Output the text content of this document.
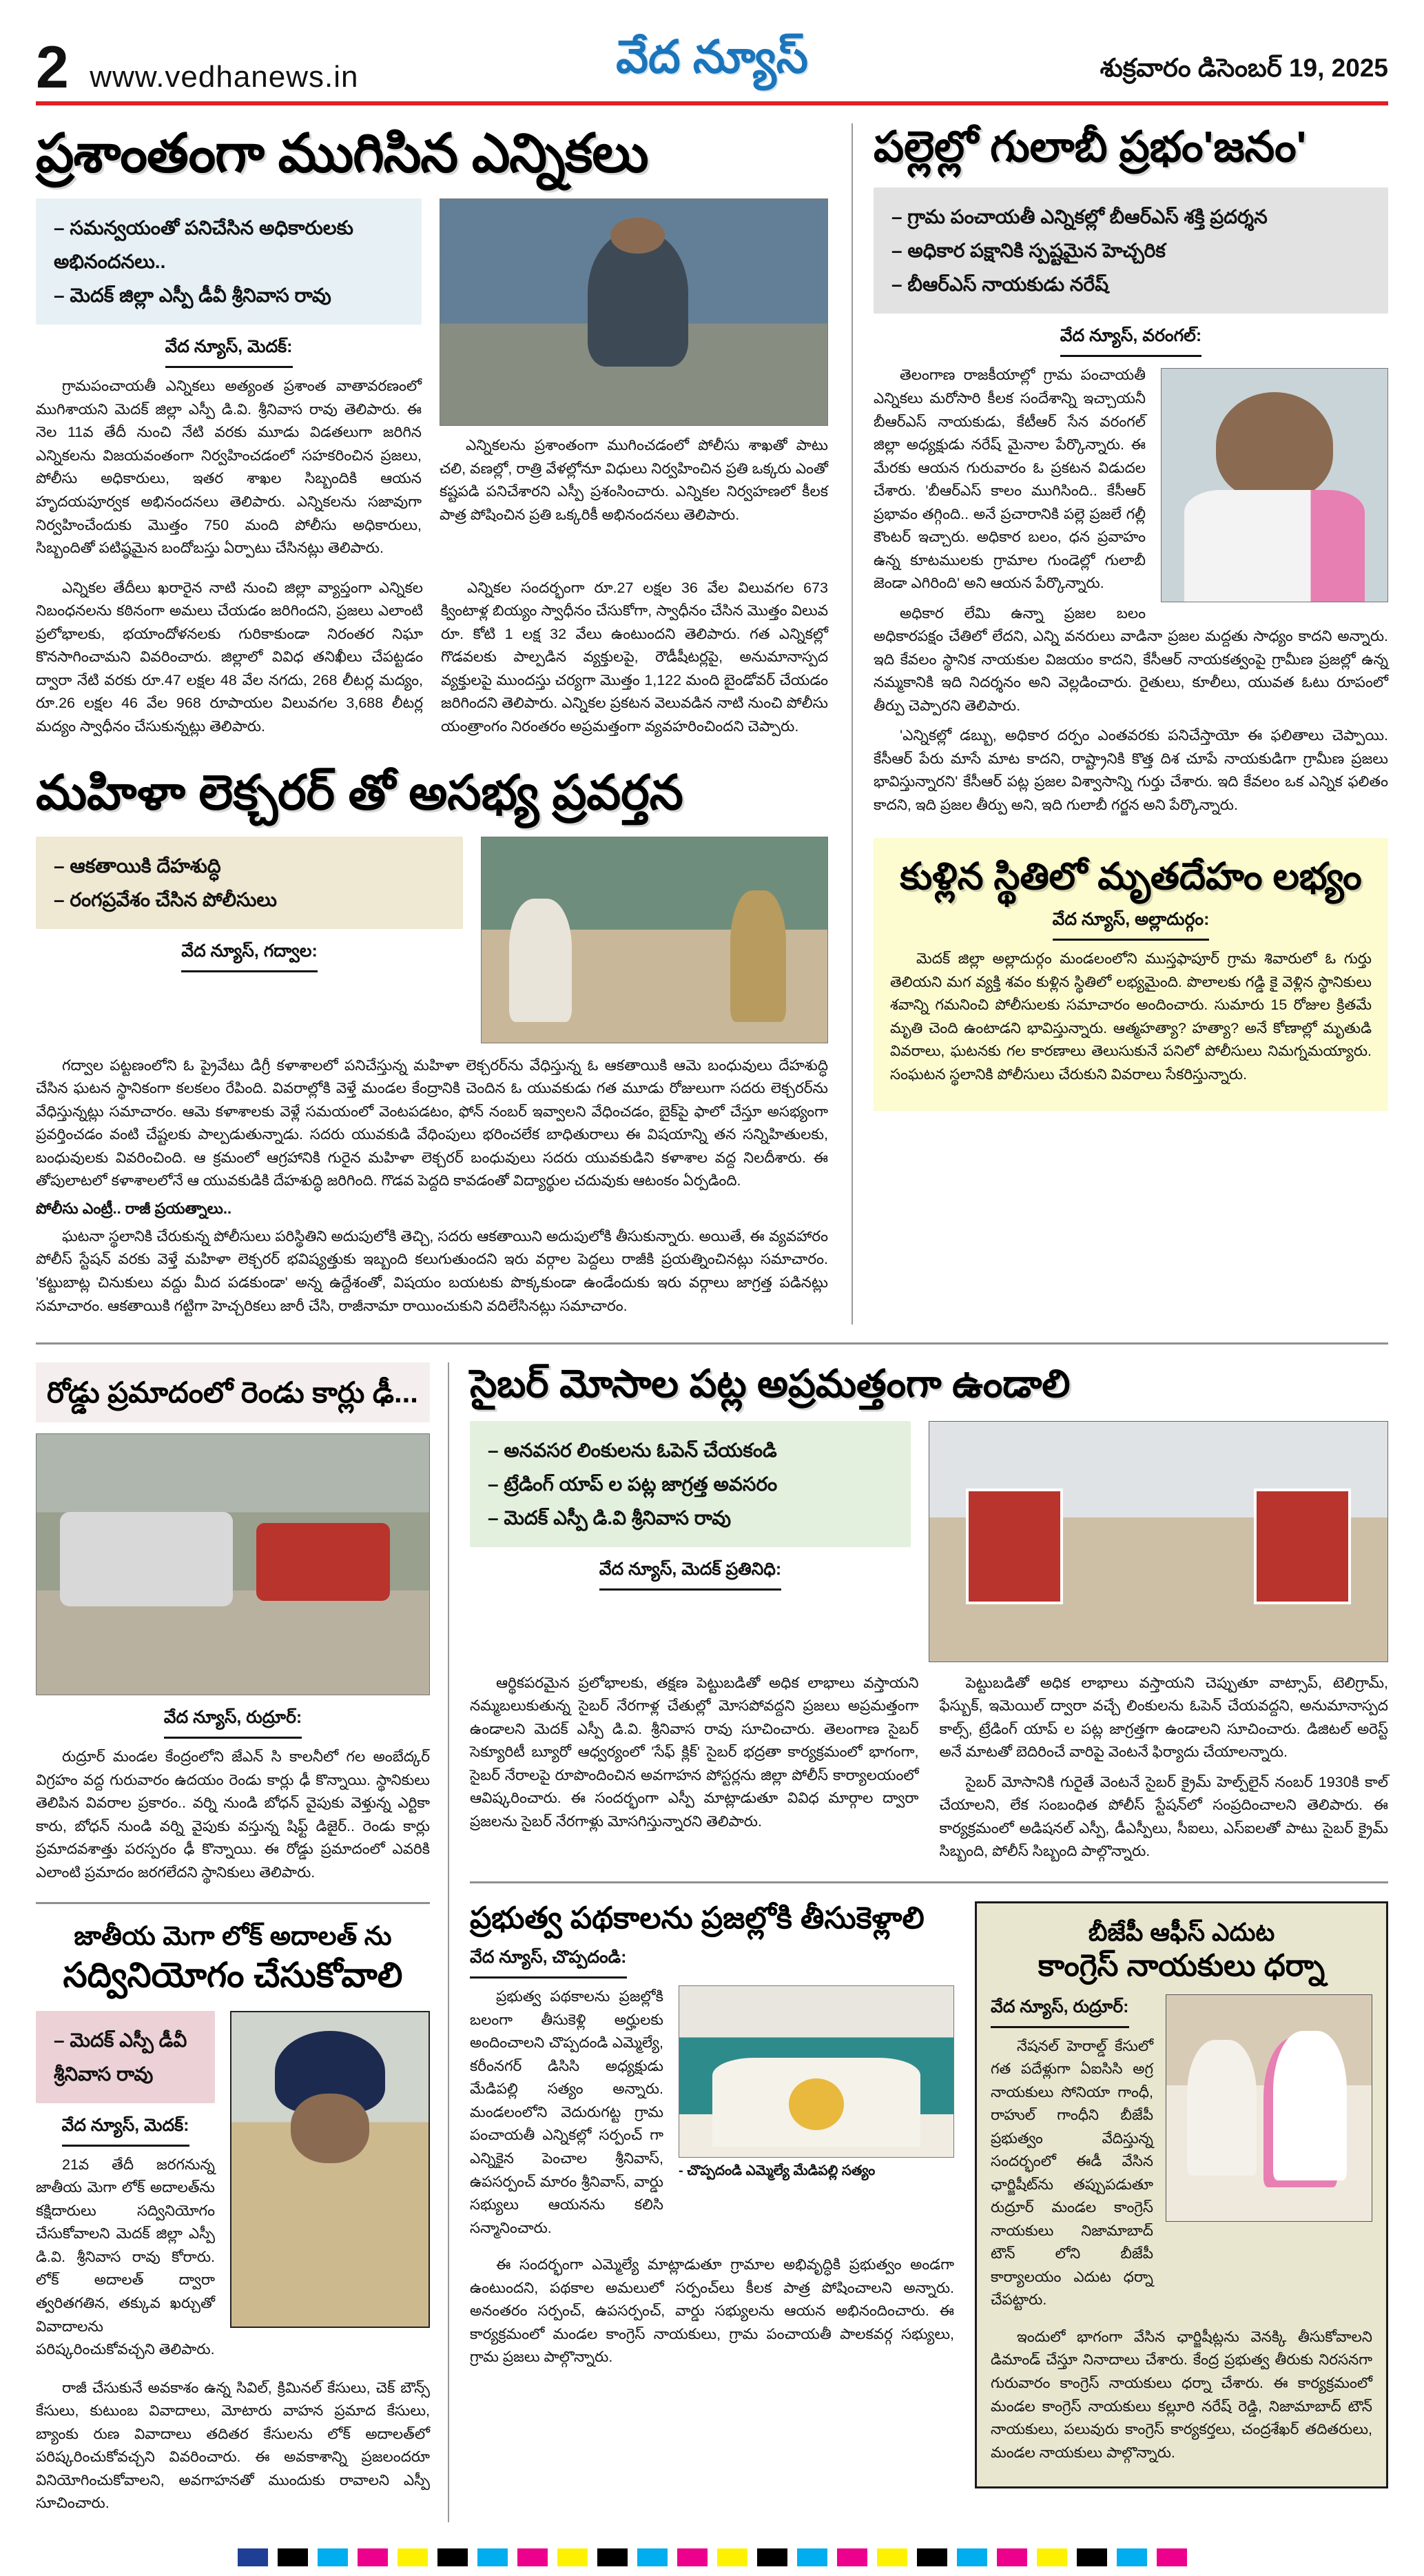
2 www.vedhanews.in	వేద న్యూస్	శుక్రవారం డిసెంబర్ 19, 2025
ప్రశాంతంగా ముగిసిన ఎన్నికలు
– సమన్వయంతో పనిచేసిన అధికారులకు అభినందనలు..
– మెదక్ జిల్లా ఎస్పీ డీవీ శ్రీనివాస రావు
వేద న్యూస్, మెదక్:

గ్రామపంచాయతీ ఎన్నికలు అత్యంత ప్రశాంత వాతావరణంలో ముగిశాయని మెదక్ జిల్లా ఎస్పీ డి.వి. శ్రీనివాస రావు తెలిపారు. ఈ నెల 11వ తేదీ నుంచి నేటి వరకు మూడు విడతలుగా జరిగిన ఎన్నికలను విజయవంతంగా నిర్వహించడంలో సహకరించిన ప్రజలు, పోలీసు అధికారులు, ఇతర శాఖల సిబ్బందికి ఆయన హృదయపూర్వక అభినందనలు తెలిపారు. ఎన్నికలను సజావుగా నిర్వహించేందుకు మొత్తం 750 మంది పోలీసు అధికారులు, సిబ్బందితో పటిష్ఠమైన బందోబస్తు ఏర్పాటు చేసినట్లు తెలిపారు.

ఎన్నికలను ప్రశాంతంగా ముగించడంలో పోలీసు శాఖతో పాటు చలి, వణల్లో, రాత్రి వేళల్లోనూ విధులు నిర్వహించిన ప్రతి ఒక్కరు ఎంతో కష్టపడి పనిచేశారని ఎస్పీ ప్రశంసించారు. ఎన్నికల నిర్వహణలో కీలక పాత్ర పోషించిన ప్రతి ఒక్కరికీ అభినందనలు తెలిపారు.

ఎన్నికల తేదీలు ఖరారైన నాటి నుంచి జిల్లా వ్యాప్తంగా ఎన్నికల నిబంధనలను కఠినంగా అమలు చేయడం జరిగిందని, ప్రజలు ఎలాంటి ప్రలోభాలకు, భయాందోళనలకు గురికాకుండా నిరంతర నిఘా కొనసాగించామని వివరించారు. జిల్లాలో వివిధ తనిఖీలు చేపట్టడం ద్వారా నేటి వరకు రూ.47 లక్షల 48 వేల నగదు, 268 లీటర్ల మద్యం, రూ.26 లక్షల 46 వేల 968 రూపాయల విలువగల 3,688 లీటర్ల మద్యం స్వాధీనం చేసుకున్నట్లు తెలిపారు.

ఎన్నికల సందర్భంగా రూ.27 లక్షల 36 వేల విలువగల 673 క్వింటాళ్ల బియ్యం స్వాధీనం చేసుకోగా, స్వాధీనం చేసిన మొత్తం విలువ రూ. కోటి 1 లక్ష 32 వేలు ఉంటుందని తెలిపారు. గత ఎన్నికల్లో గొడవలకు పాల్పడిన వ్యక్తులపై, రౌడీషీటర్లపై, అనుమానాస్పద వ్యక్తులపై ముందస్తు చర్యగా మొత్తం 1,122 మంది బైండోవర్ చేయడం జరిగిందని తెలిపారు. ఎన్నికల ప్రకటన వెలువడిన నాటి నుంచి పోలీసు యంత్రాంగం నిరంతరం అప్రమత్తంగా వ్యవహరించిందని చెప్పారు.

మహిళా లెక్చరర్ తో అసభ్య ప్రవర్తన
– ఆకతాయికి దేహశుద్ధి
– రంగప్రవేశం చేసిన పోలీసులు
వేద న్యూస్, గద్వాల:

గద్వాల పట్టణంలోని ఓ ప్రైవేటు డిగ్రీ కళాశాలలో పనిచేస్తున్న మహిళా లెక్చరర్‌ను వేధిస్తున్న ఓ ఆకతాయికి ఆమె బంధువులు దేహశుద్ధి చేసిన ఘటన స్థానికంగా కలకలం రేపింది. వివరాల్లోకి వెళ్తే మండల కేంద్రానికి చెందిన ఓ యువకుడు గత మూడు రోజులుగా సదరు లెక్చరర్‌ను వేధిస్తున్నట్లు సమాచారం. ఆమె కళాశాలకు వెళ్లే సమయంలో వెంటపడటం, ఫోన్ నంబర్ ఇవ్వాలని వేధించడం, బైక్‌పై ఫాలో చేస్తూ అసభ్యంగా ప్రవర్తించడం వంటి చేష్టలకు పాల్పడుతున్నాడు. సదరు యువకుడి వేధింపులు భరించలేక బాధితురాలు ఈ విషయాన్ని తన సన్నిహితులకు, బంధువులకు వివరించింది. ఆ క్రమంలో ఆగ్రహానికి గురైన మహిళా లెక్చరర్ బంధువులు సదరు యువకుడిని కళాశాల వద్ద నిలదీశారు. ఈ తోపులాటలో కళాశాలలోనే ఆ యువకుడికి దేహశుద్ధి జరిగింది. గొడవ పెద్దది కావడంతో విద్యార్థుల చదువుకు ఆటంకం ఏర్పడింది.

పోలీసు ఎంట్రీ.. రాజీ ప్రయత్నాలు..

ఘటనా స్థలానికి చేరుకున్న పోలీసులు పరిస్థితిని అదుపులోకి తెచ్చి, సదరు ఆకతాయిని అదుపులోకి తీసుకున్నారు. అయితే, ఈ వ్యవహారం పోలీస్ స్టేషన్ వరకు వెళ్తే మహిళా లెక్చరర్ భవిష్యత్తుకు ఇబ్బంది కలుగుతుందని ఇరు వర్గాల పెద్దలు రాజీకి ప్రయత్నించినట్లు సమాచారం. 'కట్టుబాట్ల చినుకులు వద్దు మీద పడకుండా' అన్న ఉద్దేశంతో, విషయం బయటకు పొక్కకుండా ఉండేందుకు ఇరు వర్గాలు జాగ్రత్త పడినట్లు సమాచారం. ఆకతాయికి గట్టిగా హెచ్చరికలు జారీ చేసి, రాజీనామా రాయించుకుని వదిలేసినట్లు సమాచారం.

పల్లెల్లో గులాబీ ప్రభం'జనం'
– గ్రామ పంచాయతీ ఎన్నికల్లో బీఆర్ఎస్ శక్తి ప్రదర్శన
– అధికార పక్షానికి స్పష్టమైన హెచ్చరిక
– బీఆర్ఎస్ నాయకుడు నరేష్
వేద న్యూస్, వరంగల్:

తెలంగాణ రాజకీయాల్లో గ్రామ పంచాయతీ ఎన్నికలు మరోసారి కీలక సందేశాన్ని ఇచ్చాయనీ బీఆర్ఎస్ నాయకుడు, కేటీఆర్ సేన వరంగల్ జిల్లా అధ్యక్షుడు నరేష్ మైనాల పేర్కొన్నారు. ఈ మేరకు ఆయన గురువారం ఓ ప్రకటన విడుదల చేశారు. 'బీఆర్ఎస్ కాలం ముగిసింది.. కేసీఆర్ ప్రభావం తగ్గింది.. అనే ప్రచారానికి పల్లె ప్రజలే గల్లీ కౌంటర్ ఇచ్చారు. అధికార బలం, ధన ప్రవాహం ఉన్న కూటములకు గ్రామాల గుండెల్లో గులాబీ జెండా ఎగిరింది' అని ఆయన పేర్కొన్నారు.

అధికార లేమి ఉన్నా ప్రజల బలం అధికారపక్షం చేతిలో లేదని, ఎన్ని వనరులు వాడినా ప్రజల మద్దతు సాధ్యం కాదని అన్నారు. ఇది కేవలం స్థానిక నాయకుల విజయం కాదని, కేసీఆర్ నాయకత్వంపై గ్రామీణ ప్రజల్లో ఉన్న నమ్మకానికి ఇది నిదర్శనం అని వెల్లడించారు. రైతులు, కూలీలు, యువత ఓటు రూపంలో తీర్పు చెప్పారని తెలిపారు.

'ఎన్నికల్లో డబ్బు, అధికార దర్పం ఎంతవరకు పనిచేస్తాయో ఈ ఫలితాలు చెప్పాయి. కేసీఆర్ పేరు మాసే మాట కాదని, రాష్ట్రానికి కొత్త దిశ చూపే నాయకుడిగా గ్రామీణ ప్రజలు భావిస్తున్నారని' కేసీఆర్ పట్ల ప్రజల విశ్వాసాన్ని గుర్తు చేశారు. ఇది కేవలం ఒక ఎన్నిక ఫలితం కాదని, ఇది ప్రజల తీర్పు అని, ఇది గులాబీ గర్జన అని పేర్కొన్నారు.

కుళ్లిన స్థితిలో మృతదేహం లభ్యం
వేద న్యూస్, అల్లాదుర్గం:

మెదక్ జిల్లా అల్లాదుర్గం మండలంలోని ముస్తఫాపూర్ గ్రామ శివారులో ఓ గుర్తు తెలియని మగ వ్యక్తి శవం కుళ్లిన స్థితిలో లభ్యమైంది. పొలాలకు గడ్డి కై వెళ్లిన స్థానికులు శవాన్ని గమనించి పోలీసులకు సమాచారం అందించారు. సుమారు 15 రోజుల క్రితమే మృతి చెంది ఉంటాడని భావిస్తున్నారు. ఆత్మహత్యా? హత్యా? అనే కోణాల్లో మృతుడి వివరాలు, ఘటనకు గల కారణాలు తెలుసుకునే పనిలో పోలీసులు నిమగ్నమయ్యారు. సంఘటన స్థలానికి పోలీసులు చేరుకుని వివరాలు సేకరిస్తున్నారు.

రోడ్డు ప్రమాదంలో రెండు కార్లు ఢీ...
వేద న్యూస్, రుద్రూర్:

రుద్రూర్ మండల కేంద్రంలోని జేఎన్ సి కాలనీలో గల అంబేద్కర్ విగ్రహం వద్ద గురువారం ఉదయం రెండు కార్లు ఢీ కొన్నాయి. స్థానికులు తెలిపిన వివరాల ప్రకారం.. వర్ని నుండి బోధన్ వైపుకు వెళ్తున్న ఎర్టికా కారు, బోధన్ నుండి వర్ని వైపుకు వస్తున్న షిఫ్ట్ డిజైర్.. రెండు కార్లు ప్రమాదవశాత్తు పరస్పరం ఢీ కొన్నాయి. ఈ రోడ్డు ప్రమాదంలో ఎవరికి ఎలాంటి ప్రమాదం జరగలేదని స్థానికులు తెలిపారు.

జాతీయ మెగా లోక్ అదాలత్ ను
సద్వినియోగం చేసుకోవాలి
– మెదక్ ఎస్పీ డీవీ శ్రీనివాస రావు
వేద న్యూస్, మెదక్:

21వ తేదీ జరగనున్న జాతీయ మెగా లోక్ అదాలత్‌ను కక్షిదారులు సద్వినియోగం చేసుకోవాలని మెదక్ జిల్లా ఎస్పీ డి.వి. శ్రీనివాస రావు కోరారు. లోక్ అదాలత్ ద్వారా త్వరితగతిన, తక్కువ ఖర్చుతో వివాదాలను పరిష్కరించుకోవచ్చని తెలిపారు.

రాజీ చేసుకునే అవకాశం ఉన్న సివిల్, క్రిమినల్ కేసులు, చెక్ బౌన్స్ కేసులు, కుటుంబ వివాదాలు, మోటారు వాహన ప్రమాద కేసులు, బ్యాంకు రుణ వివాదాలు తదితర కేసులను లోక్ అదాలత్‌లో పరిష్కరించుకోవచ్చని వివరించారు. ఈ అవకాశాన్ని ప్రజలంద‌రూ వినియోగించుకోవాలని, అవగాహనతో ముందుకు రావాలని ఎస్పీ సూచించారు.

సైబర్ మోసాల పట్ల అప్రమత్తంగా ఉండాలి
– అనవసర లింకులను ఓపెన్ చేయకండి
– ట్రేడింగ్ యాప్ ల పట్ల జాగ్రత్త అవసరం
– మెదక్ ఎస్పీ డి.వి శ్రీనివాస రావు
వేద న్యూస్, మెదక్ ప్రతినిధి:

ఆర్థికపరమైన ప్రలోభాలకు, తక్షణ పెట్టుబడితో అధిక లాభాలు వస్తాయని నమ్మబలుకుతున్న సైబర్ నేరగాళ్ల చేతుల్లో మోసపోవద్దని ప్రజలు అప్రమత్తంగా ఉండాలని మెదక్ ఎస్పీ డి.వి. శ్రీనివాస రావు సూచించారు. తెలంగాణ సైబర్ సెక్యూరిటీ బ్యూరో ఆధ్వర్యంలో 'సేఫ్ క్లిక్' సైబర్ భద్రతా కార్యక్రమంలో భాగంగా, సైబర్ నేరాలపై రూపొందించిన అవగాహన పోస్టర్లను జిల్లా పోలీస్ కార్యాలయంలో ఆవిష్కరించారు. ఈ సందర్భంగా ఎస్పీ మాట్లాడుతూ వివిధ మార్గాల ద్వారా ప్రజలను సైబర్ నేరగాళ్లు మోసగిస్తున్నారని తెలిపారు.

పెట్టుబడితో అధిక లాభాలు వస్తాయని చెప్పుతూ వాట్సాప్, టెలిగ్రామ్, ఫేస్బుక్, ఇమెయిల్ ద్వారా వచ్చే లింకులను ఓపెన్ చేయవద్దని, అనుమానాస్పద కాల్స్, ట్రేడింగ్ యాప్ ల పట్ల జాగ్రత్తగా ఉండాలని సూచించారు. డిజిటల్ అరెస్ట్ అనే మాటతో బెదిరించే వారిపై వెంటనే ఫిర్యాదు చేయాలన్నారు.

సైబర్ మోసానికి గురైతే వెంటనే సైబర్ క్రైమ్ హెల్ప్‌లైన్ నంబర్ 1930కి కాల్ చేయాలని, లేక సంబంధిత పోలీస్ స్టేషన్‌లో సంప్రదించాలని తెలిపారు. ఈ కార్యక్రమంలో అడిషనల్ ఎస్పీ, డీఎస్పీలు, సీఐలు, ఎస్ఐలతో పాటు సైబర్ క్రైమ్ సిబ్బంది, పోలీస్ సిబ్బంది పాల్గొన్నారు.

ప్రభుత్వ పథకాలను ప్రజల్లోకి తీసుకెళ్లాలి
వేద న్యూస్, చొప్పదండి:

ప్రభుత్వ పథకాలను ప్రజల్లోకి బలంగా తీసుకెళ్లి అర్హులకు అందించాలని చొప్పదండి ఎమ్మెల్యే, కరీంనగర్ డిసిసి అధ్యక్షుడు మేడిపల్లి సత్యం అన్నారు. మండలంలోని వెదురుగట్ట గ్రామ పంచాయతీ ఎన్నికల్లో సర్పంచ్ గా ఎన్నికైన పెంచాల శ్రీనివాస్, ఉపసర్పంచ్ మారం శ్రీనివాస్, వార్డు సభ్యులు ఆయనను కలిసి సన్మానించారు.

- చొప్పదండి ఎమ్మెల్యే మేడిపల్లి సత్యం

ఈ సందర్భంగా ఎమ్మెల్యే మాట్లాడుతూ గ్రామాల అభివృద్ధికి ప్రభుత్వం అండగా ఉంటుందని, పథకాల అమలులో సర్పంచ్‌లు కీలక పాత్ర పోషించాలని అన్నారు. అనంతరం సర్పంచ్, ఉపసర్పంచ్, వార్డు సభ్యులను ఆయన అభినందించారు. ఈ కార్యక్రమంలో మండల కాంగ్రెస్ నాయకులు, గ్రామ పంచాయతీ పాలకవర్గ సభ్యులు, గ్రామ ప్రజలు పాల్గొన్నారు.

బీజేపీ ఆఫీస్ ఎదుట
కాంగ్రెస్ నాయకులు ధర్నా
వేద న్యూస్, రుద్రూర్:

నేషనల్ హెరాల్డ్ కేసులో గత పదేళ్లుగా ఏఐసిసి అగ్ర నాయకులు సోనియా గాంధీ, రాహుల్ గాంధీని బీజేపీ ప్రభుత్వం వేదిస్తున్న సందర్భంలో ఈడీ వేసిన ఛార్జిషీట్‌ను తప్పుపడుతూ రుద్రూర్ మండల కాంగ్రెస్ నాయకులు నిజామాబాద్ టౌన్ లోని బీజేపీ కార్యాలయం ఎదుట ధర్నా చేపట్టారు.

ఇందులో భాగంగా వేసిన ఛార్జిషీట్లను వెనక్కి తీసుకోవాలని డిమాండ్ చేస్తూ నినాదాలు చేశారు. కేంద్ర ప్రభుత్వ తీరుకు నిరసనగా గురువారం కాంగ్రెస్ నాయకులు ధర్నా చేశారు. ఈ కార్యక్రమంలో మండల కాంగ్రెస్ నాయకులు కల్లూరి నరేష్ రెడ్డి, నిజామాబాద్ టౌన్ నాయకులు, పలువురు కాంగ్రెస్ కార్యకర్తలు, చంద్రశేఖర్ తదితరులు, మండల నాయకులు పాల్గొన్నారు.
